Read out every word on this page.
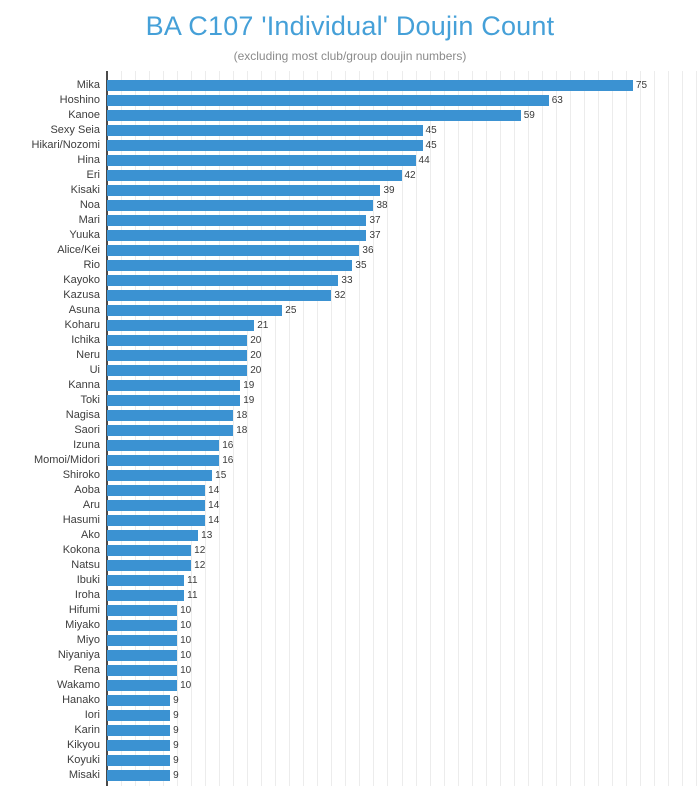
BA C107 'Individual' Doujin Count
(excluding most club/group doujin numbers)
Mika	75
Hoshino	63
Kanoe	59
Sexy Seia	45
Hikari/Nozomi	45
Hina	44
Eri	42
Kisaki	39
Noa	38
Mari	37
Yuuka	37
Alice/Kei	36
Rio	35
Kayoko	33
Kazusa	32
Asuna	25
Koharu	21
Ichika	20
Neru	20
Ui	20
Kanna	19
Toki	19
Nagisa	18
Saori	18
Izuna	16
Momoi/Midori	16
Shiroko	15
Aoba	14
Aru	14
Hasumi	14
Ako	13
Kokona	12
Natsu	12
Ibuki	11
Iroha	11
Hifumi	10
Miyako	10
Miyo	10
Niyaniya	10
Rena	10
Wakamo	10
Hanako	9
Iori	9
Karin	9
Kikyou	9
Koyuki	9
Misaki	9
